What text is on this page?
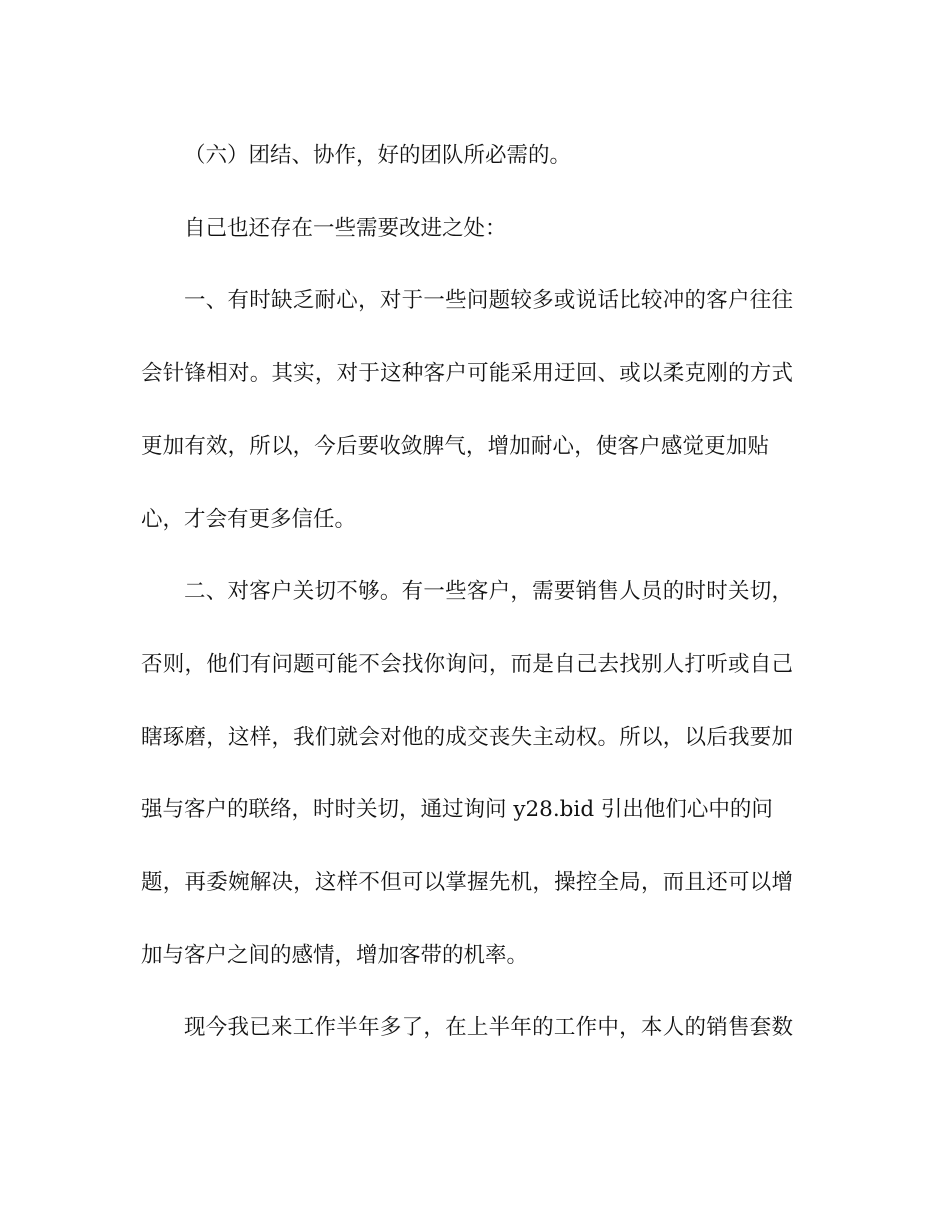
（六）团结、协作，好的团队所必需的。
自己也还存在一些需要改进之处：
一、有时缺乏耐心，对于一些问题较多或说话比较冲的客户往往
会针锋相对。其实，对于这种客户可能采用迂回、或以柔克刚的方式
更加有效，所以，今后要收敛脾气，增加耐心，使客户感觉更加贴
心，才会有更多信任。
二、对客户关切不够。有一些客户，需要销售人员的时时关切，
否则，他们有问题可能不会找你询问，而是自己去找别人打听或自己
瞎琢磨，这样，我们就会对他的成交丧失主动权。所以，以后我要加
强与客户的联络，时时关切，通过询问 y28.bid 引出他们心中的问
题，再委婉解决，这样不但可以掌握先机，操控全局，而且还可以增
加与客户之间的感情，增加客带的机率。
现今我已来工作半年多了，在上半年的工作中，本人的销售套数
